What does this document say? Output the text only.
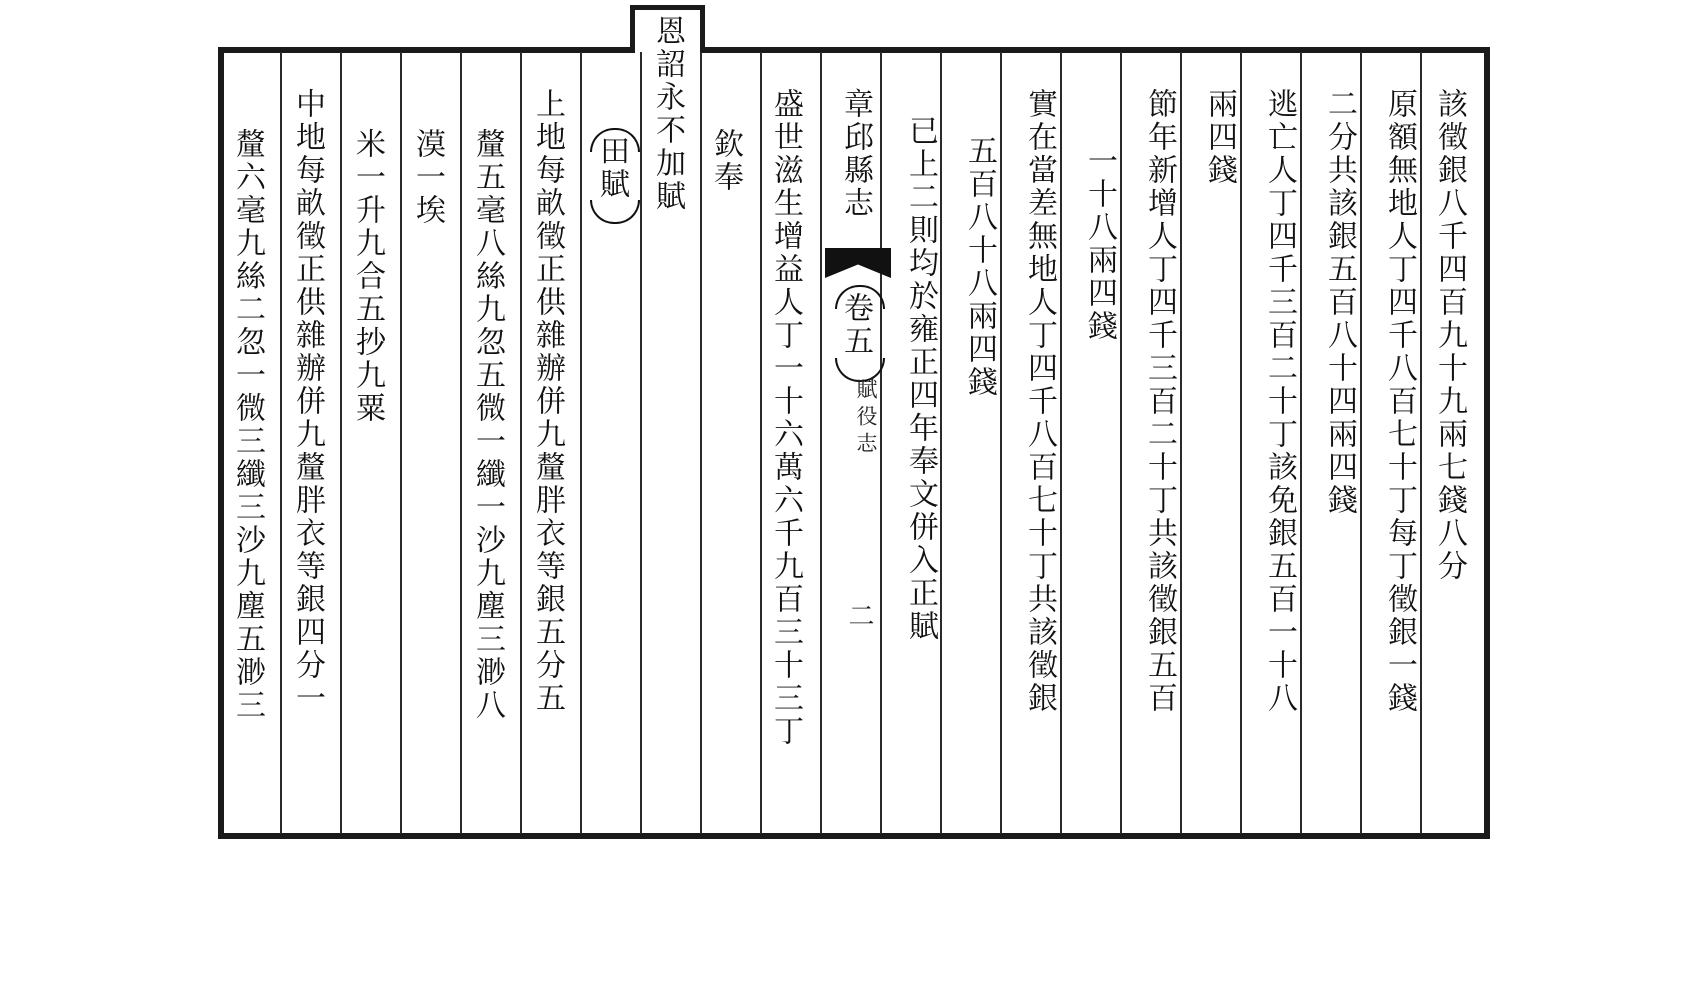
該徵銀八千四百九十九兩七錢八分
原額無地人丁四千八百七十丁每丁徵銀一錢
二分共該銀五百八十四兩四錢
逃亡人丁四千三百二十丁該免銀五百一十八
兩四錢
節年新增人丁四千三百二十丁共該徵銀五百
一十八兩四錢
實在當差無地人丁四千八百七十丁共該徵銀
五百八十八兩四錢
已上二則均於雍正四年奉文併入正賦
章邱縣志
卷五
賦役志
二
盛世滋生增益人丁一十六萬六千九百三十三丁
欽奉
恩詔永不加賦
田賦
上地每畝徵正供雜辦併九釐胖衣等銀五分五
釐五毫八絲九忽五微一纖一沙九塵三渺八
漠一埃
米一升九合五抄九粟
中地每畝徵正供雜辦併九釐胖衣等銀四分一
釐六毫九絲二忽一微三纖三沙九塵五渺三
